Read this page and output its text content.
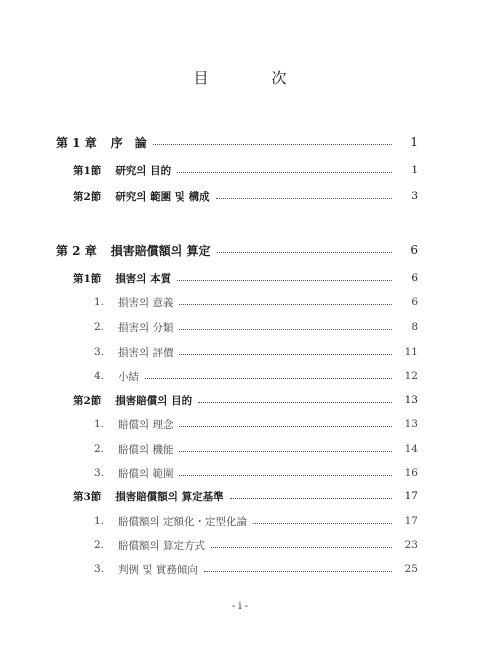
目　次
第 1 章 序　論	1
第1節 研究의 目的	1
第2節 研究의 範圍 및 構成	3
第 2 章 損害賠償額의 算定	6
第1節 損害의 本質	6
1. 損害의 意義	6
2. 損害의 分類	8
3. 損害의 評價	11
4. 小結	12
第2節 損害賠償의 目的	13
1. 賠償의 理念	13
2. 賠償의 機能	14
3. 賠償의 範圍	16
第3節 損害賠償額의 算定基準	17
1. 賠償額의 定額化・定型化論	17
2. 賠償額의 算定方式	23
3. 判例 및 實務傾向	25
- i -
